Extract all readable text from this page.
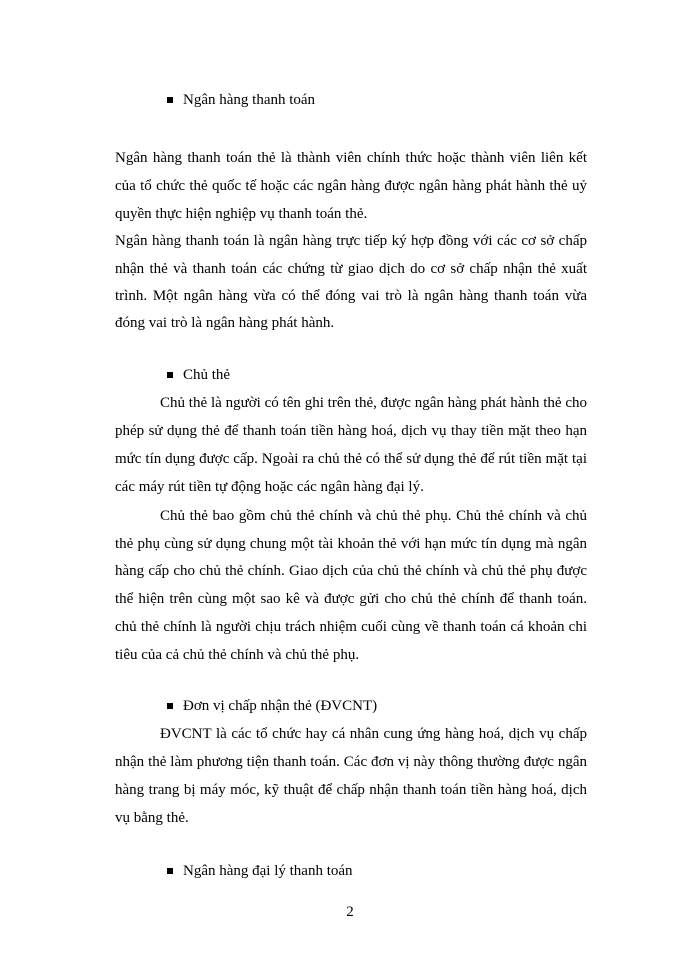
Ngân hàng thanh toán
Ngân hàng thanh toán thẻ là thành viên chính thức hoặc thành viên liên kết
của tổ chức thẻ quốc tế hoặc các ngân hàng được ngân hàng phát hành thẻ uỷ
quyền thực hiện nghiệp vụ thanh toán thẻ.
Ngân hàng thanh toán là ngân hàng trực tiếp ký hợp đồng với các cơ sở chấp
nhận thẻ và thanh toán các chứng từ giao dịch do cơ sở chấp nhận thẻ xuất
trình. Một ngân hàng vừa có thể đóng vai trò là ngân hàng thanh toán vừa
đóng vai trò là ngân hàng phát hành.
Chủ thẻ
Chủ thẻ là người có tên ghi trên thẻ, được ngân hàng phát hành thẻ cho
phép sử dụng thẻ để thanh toán tiền hàng hoá, dịch vụ thay tiền mặt theo hạn
mức tín dụng được cấp. Ngoài ra chủ thẻ có thể sử dụng thẻ để rút tiền mặt tại
các máy rút tiền tự động hoặc các ngân hàng đại lý.
Chủ thẻ bao gồm chủ thẻ chính và chủ thẻ phụ. Chủ thẻ chính và chủ
thẻ phụ cùng sử dụng chung một tài khoản thẻ với hạn mức tín dụng mà ngân
hàng cấp cho chủ thẻ chính. Giao dịch của chủ thẻ chính và chủ thẻ phụ được
thể hiện trên cùng một sao kê và được gửi cho chủ thẻ chính để thanh toán.
chủ thẻ chính là người chịu trách nhiệm cuối cùng về thanh toán cá khoản chi
tiêu của cả chủ thẻ chính và chủ thẻ phụ.
Đơn vị chấp nhận thẻ (ĐVCNT)
ĐVCNT là các tổ chức hay cá nhân cung ứng hàng hoá, dịch vụ chấp
nhận thẻ làm phương tiện thanh toán. Các đơn vị này thông thường được ngân
hàng trang bị máy móc, kỹ thuật để chấp nhận thanh toán tiền hàng hoá, dịch
vụ bằng thẻ.
Ngân hàng đại lý thanh toán
2
